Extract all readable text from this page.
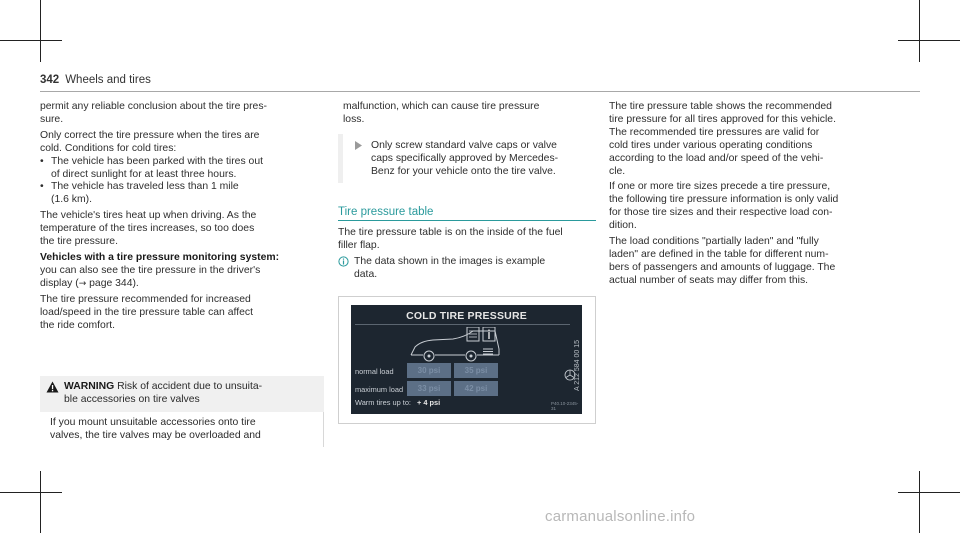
342 Wheels and tires

permit any reliable conclusion about the tire pres-
sure.

Only correct the tire pressure when the tires are
cold. Conditions for cold tires:

• The vehicle has been parked with the tires out
of direct sunlight for at least three hours.

• The vehicle has traveled less than 1 mile
(1.6 km).

The vehicle's tires heat up when driving. As the
temperature of the tires increases, so too does
the tire pressure.

Vehicles with a tire pressure monitoring system:

you can also see the tire pressure in the driver's
display (→ page 344).

The tire pressure recommended for increased
load/speed in the tire pressure table can affect
the ride comfort.

WARNING Risk of accident due to unsuita-
ble accessories on tire valves
If you mount unsuitable accessories onto tire
valves, the tire valves may be overloaded and

malfunction, which can cause tire pressure
loss.

Only screw standard valve caps or valve
caps specifically approved by Mercedes-
Benz for your vehicle onto the tire valve.
Tire pressure table

The tire pressure table is on the inside of the fuel
filler flap.

The data shown in the images is example
data.

COLD TIRE PRESSURE
normal load
maximum load
30 psi	35 psi
33 psi	42 psi
Warm tires up to: + 4 psi
A 212 584 00 15
P40.10-2345-31

The tire pressure table shows the recommended
tire pressure for all tires approved for this vehicle.
The recommended tire pressures are valid for
cold tires under various operating conditions
according to the load and/or speed of the vehi-
cle.

If one or more tire sizes precede a tire pressure,
the following tire pressure information is only valid
for those tire sizes and their respective load con-
dition.

The load conditions "partially laden" and "fully
laden" are defined in the table for different num-
bers of passengers and amounts of luggage. The
actual number of seats may differ from this.

carmanualsonline.info
